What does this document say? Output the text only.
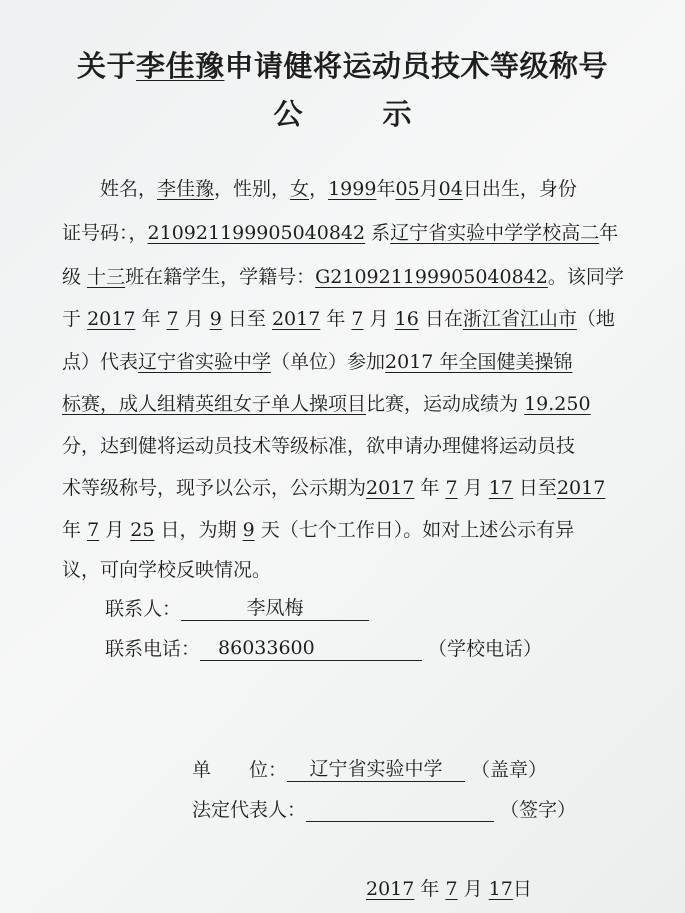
关于李佳豫申请健将运动员技术等级称号
公	示
姓名，李佳豫，性别，女，1999年05月04日出生，身份
证号码：，210921199905040842 系辽宁省实验中学学校高二年
级 十三班在籍学生，学籍号：G210921199905040842。该同学
于 2017 年 7 月 9 日至 2017 年 7 月 16 日在浙江省江山市（地
点）代表辽宁省实验中学（单位）参加2017 年全国健美操锦
标赛，成人组精英组女子单人操项目比赛，运动成绩为 19.250
分，达到健将运动员技术等级标准，欲申请办理健将运动员技
术等级称号，现予以公示，公示期为2017 年 7 月 17 日至2017
年 7 月 25 日，为期 9 天（七个工作日）。如对上述公示有异
议，可向学校反映情况。
联系人：	李凤梅
联系电话： 86033600	（学校电话）
单　　位： 辽宁省实验中学 （盖章）
法定代表人：	（签字）
2017 年 7 月 17日
